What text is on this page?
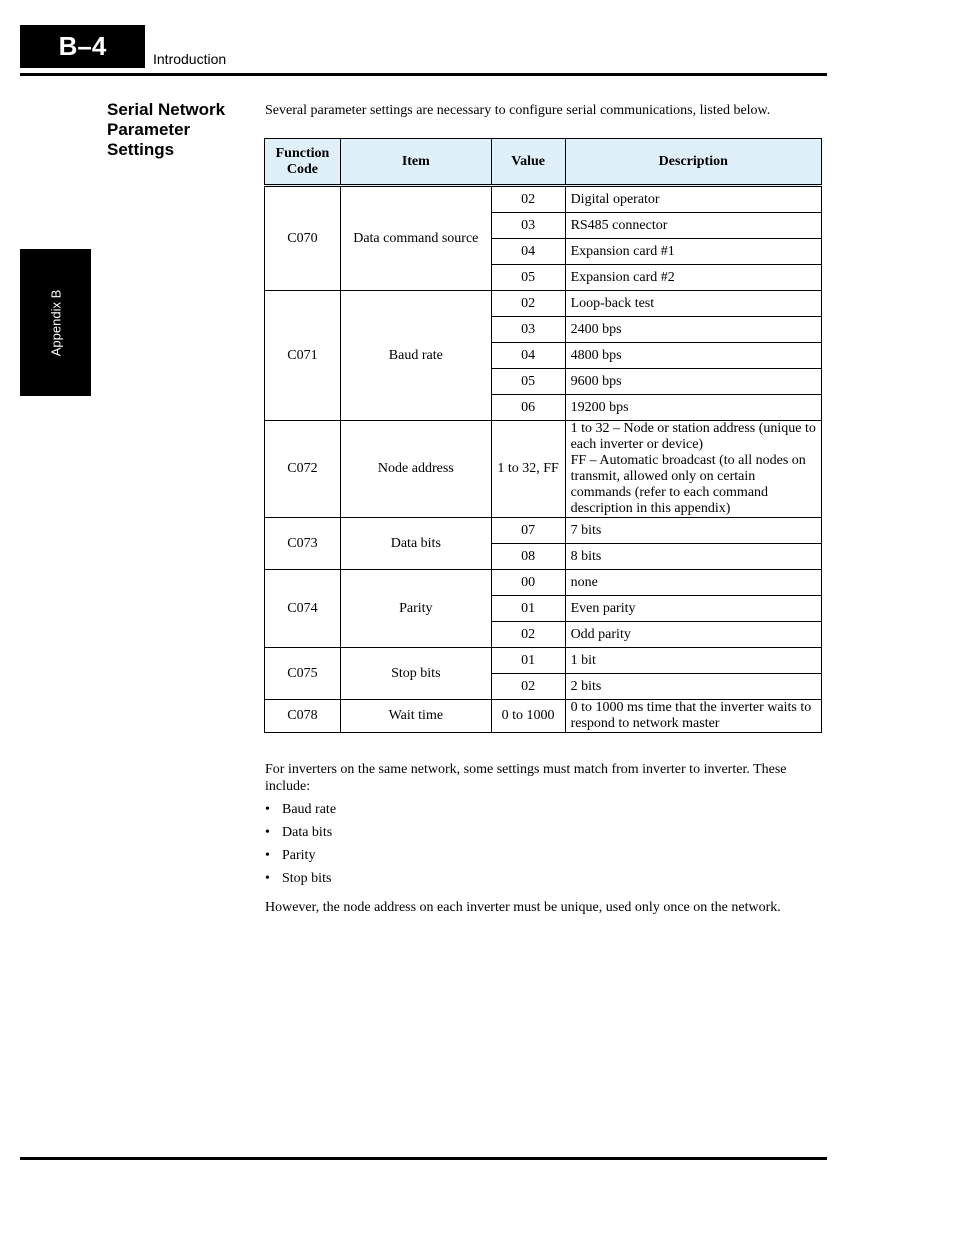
B–4	Introduction
Appendix B
Serial Network Parameter Settings
Several parameter settings are necessary to configure serial communications, listed below.
Function Code	Item	Value	Description
C070	Data command source	02	Digital operator
		03	RS485 connector
		04	Expansion card #1
		05	Expansion card #2
C071	Baud rate	02	Loop-back test
		03	2400 bps
		04	4800 bps
		05	9600 bps
		06	19200 bps
C072	Node address	1 to 32, FF	1 to 32 – Node or station address (unique to each inverter or device)
FF – Automatic broadcast (to all nodes on transmit, allowed only on certain commands (refer to each command description in this appendix)
C073	Data bits	07	7 bits
		08	8 bits
C074	Parity	00	none
		01	Even parity
		02	Odd parity
C075	Stop bits	01	1 bit
		02	2 bits
C078	Wait time	0 to 1000	0 to 1000 ms time that the inverter waits to respond to network master

For inverters on the same network, some settings must match from inverter to inverter. These include:

• Baud rate
• Data bits
• Parity
• Stop bits

However, the node address on each inverter must be unique, used only once on the network.
